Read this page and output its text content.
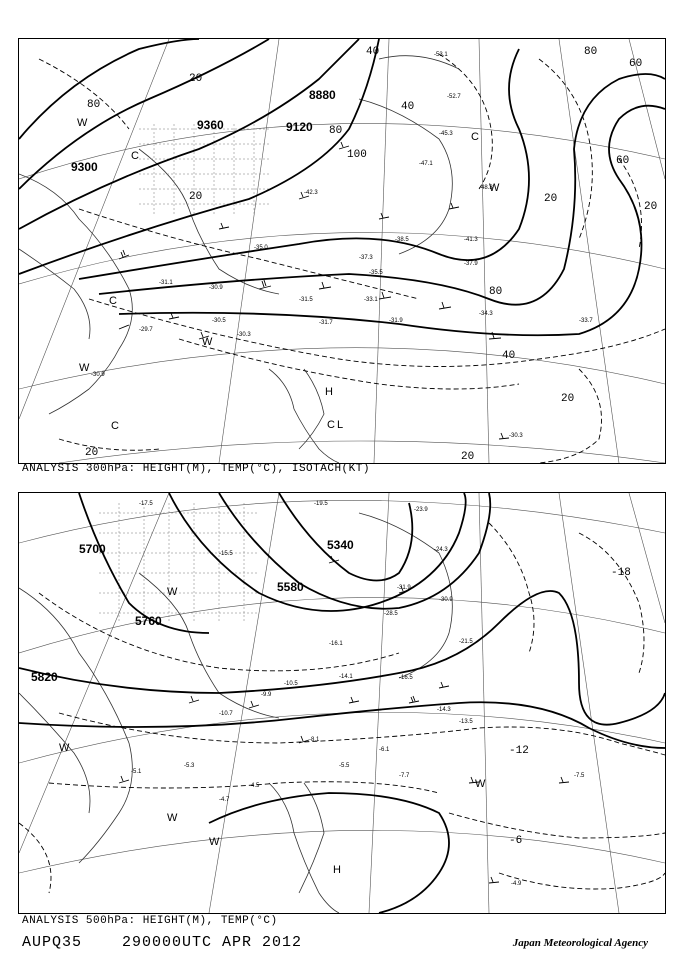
9300
9360	9120
8880
20
80
20
100
40
80
60
20
80
40
20
20	20
40
60
80
20
W
C
C
W
W
C
H
C L
C
W
-35.0
-37.3
-33.1
-34.3
-31.9
-31.7
-31.5
-30.5
-30.3
-29.7
-30.9
-38.5	-41.3
-37.9
-35.5
-42.3
-45.3
-47.1
-48.3
-52.7
-53.1
-33.7
-30.3
-31.1
-30.9
ANALYSIS 300hPa: HEIGHT(M), TEMP(°C), ISOTACH(KT)
5700
5760
5820
5340
5580
-18
-12
-6
W
W
W
W
W
H
-17.5
-15.5
-19.5
-23.9
-24.3
-31.9
-30.9
-28.5
-21.5
-16.1
-14.1
-10.5
-10.7
-9.9
-8.1
-5.5
-6.1
-7.7	-7.5
-5.3
-5.1
-4.7
-4.5
-4.9
-16.5
-13.5
-14.3
ANALYSIS 500hPa: HEIGHT(M), TEMP(°C)
AUPQ35	290000UTC APR 2012	Japan Meteorological Agency
